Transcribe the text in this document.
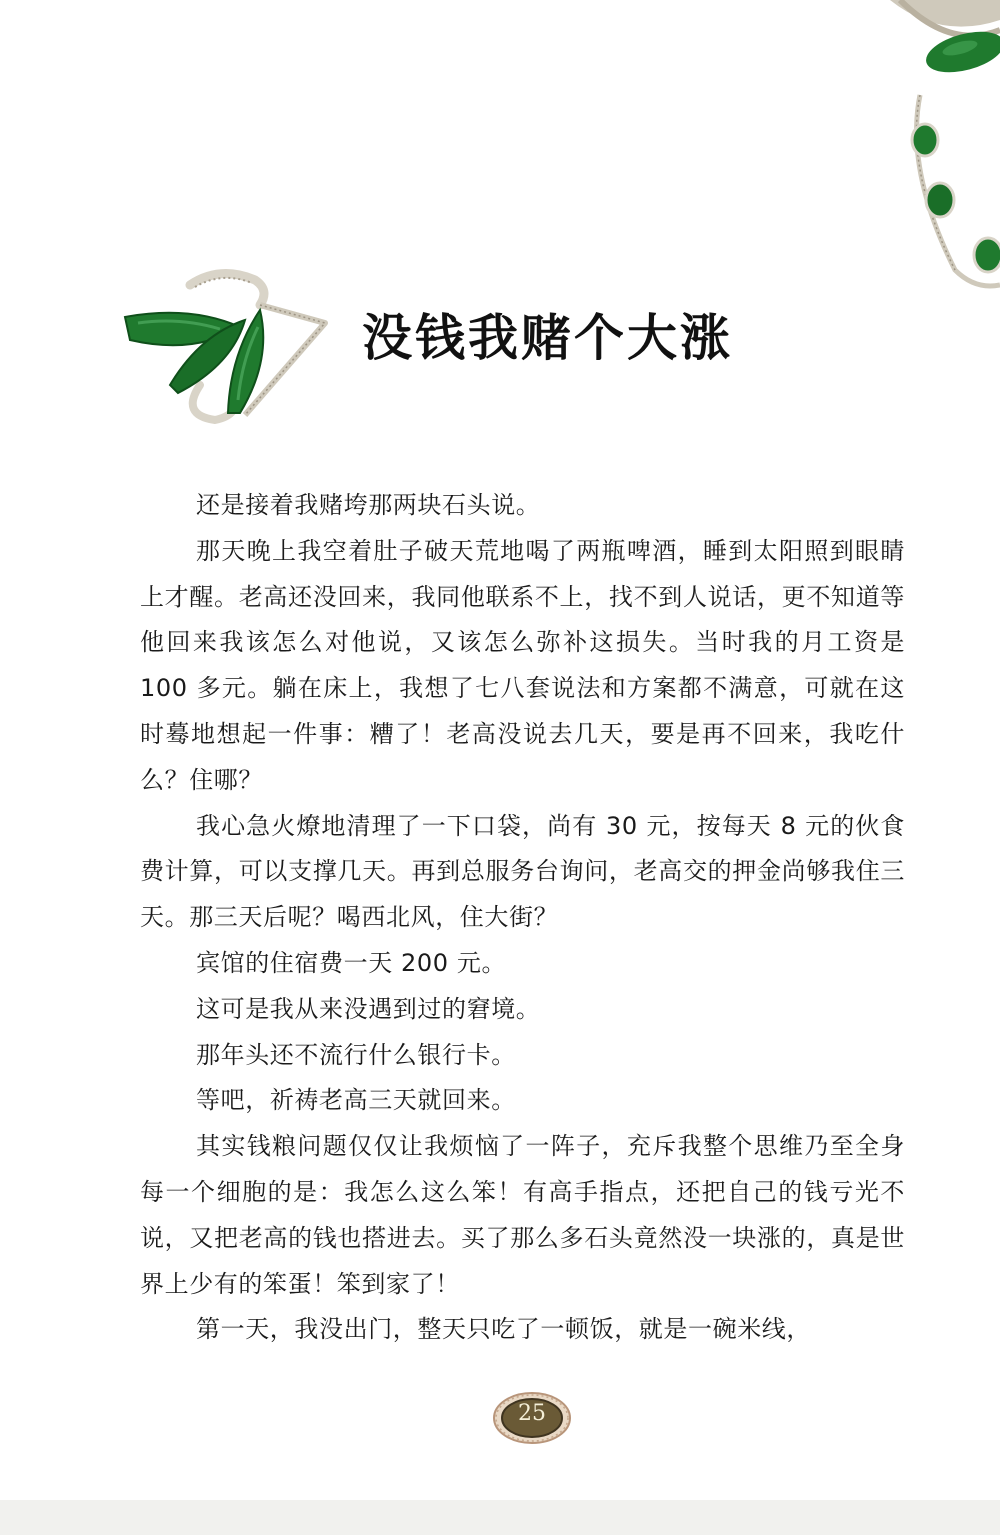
没钱我赌个大涨

还是接着我赌垮那两块石头说。

那天晚上我空着肚子破天荒地喝了两瓶啤酒，睡到太阳照到眼睛上才醒。老高还没回来，我同他联系不上，找不到人说话，更不知道等他回来我该怎么对他说，又该怎么弥补这损失。当时我的月工资是 100 多元。躺在床上，我想了七八套说法和方案都不满意，可就在这时蓦地想起一件事：糟了！老高没说去几天，要是再不回来，我吃什么？住哪？

我心急火燎地清理了一下口袋，尚有 30 元，按每天 8 元的伙食费计算，可以支撑几天。再到总服务台询问，老高交的押金尚够我住三天。那三天后呢？喝西北风，住大街？

宾馆的住宿费一天 200 元。

这可是我从来没遇到过的窘境。

那年头还不流行什么银行卡。

等吧，祈祷老高三天就回来。

其实钱粮问题仅仅让我烦恼了一阵子，充斥我整个思维乃至全身每一个细胞的是：我怎么这么笨！有高手指点，还把自己的钱亏光不说，又把老高的钱也搭进去。买了那么多石头竟然没一块涨的，真是世界上少有的笨蛋！笨到家了！

第一天，我没出门，整天只吃了一顿饭，就是一碗米线，

25
